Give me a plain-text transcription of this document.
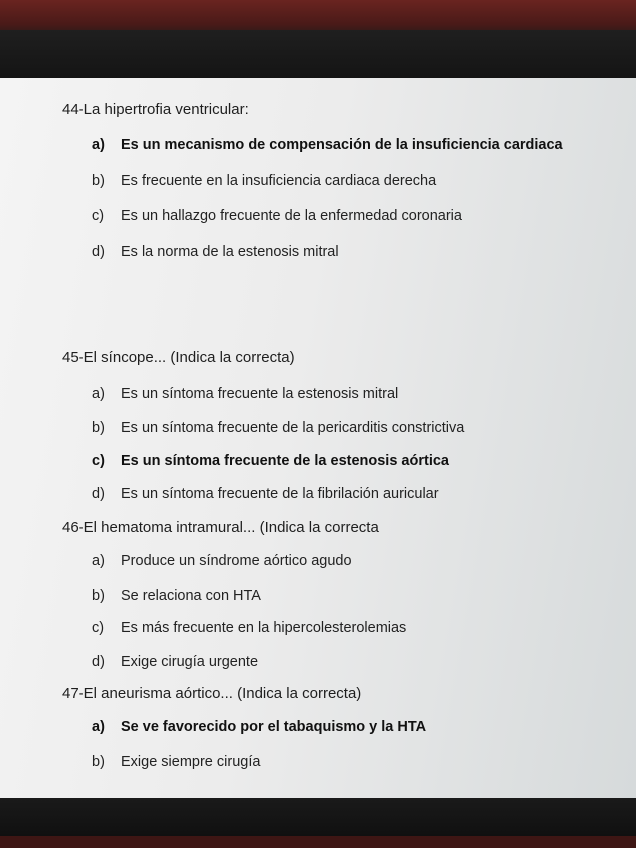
44-La hipertrofia ventricular:
a) Es un mecanismo de compensación de la insuficiencia cardiaca
b) Es frecuente en la insuficiencia cardiaca derecha
c) Es un hallazgo frecuente de la enfermedad coronaria
d) Es la norma de la estenosis mitral
45-El síncope... (Indica la correcta)
a) Es un síntoma frecuente la estenosis mitral
b) Es un síntoma frecuente de la pericarditis constrictiva
c) Es un síntoma frecuente de la estenosis aórtica
d) Es un síntoma frecuente de la fibrilación auricular
46-El hematoma intramural... (Indica la correcta
a) Produce un síndrome aórtico agudo
b) Se relaciona con HTA
c) Es más frecuente en la hipercolesterolemias
d) Exige cirugía urgente
47-El aneurisma aórtico... (Indica la correcta)
a) Se ve favorecido por el tabaquismo y la HTA
b) Exige siempre cirugía
